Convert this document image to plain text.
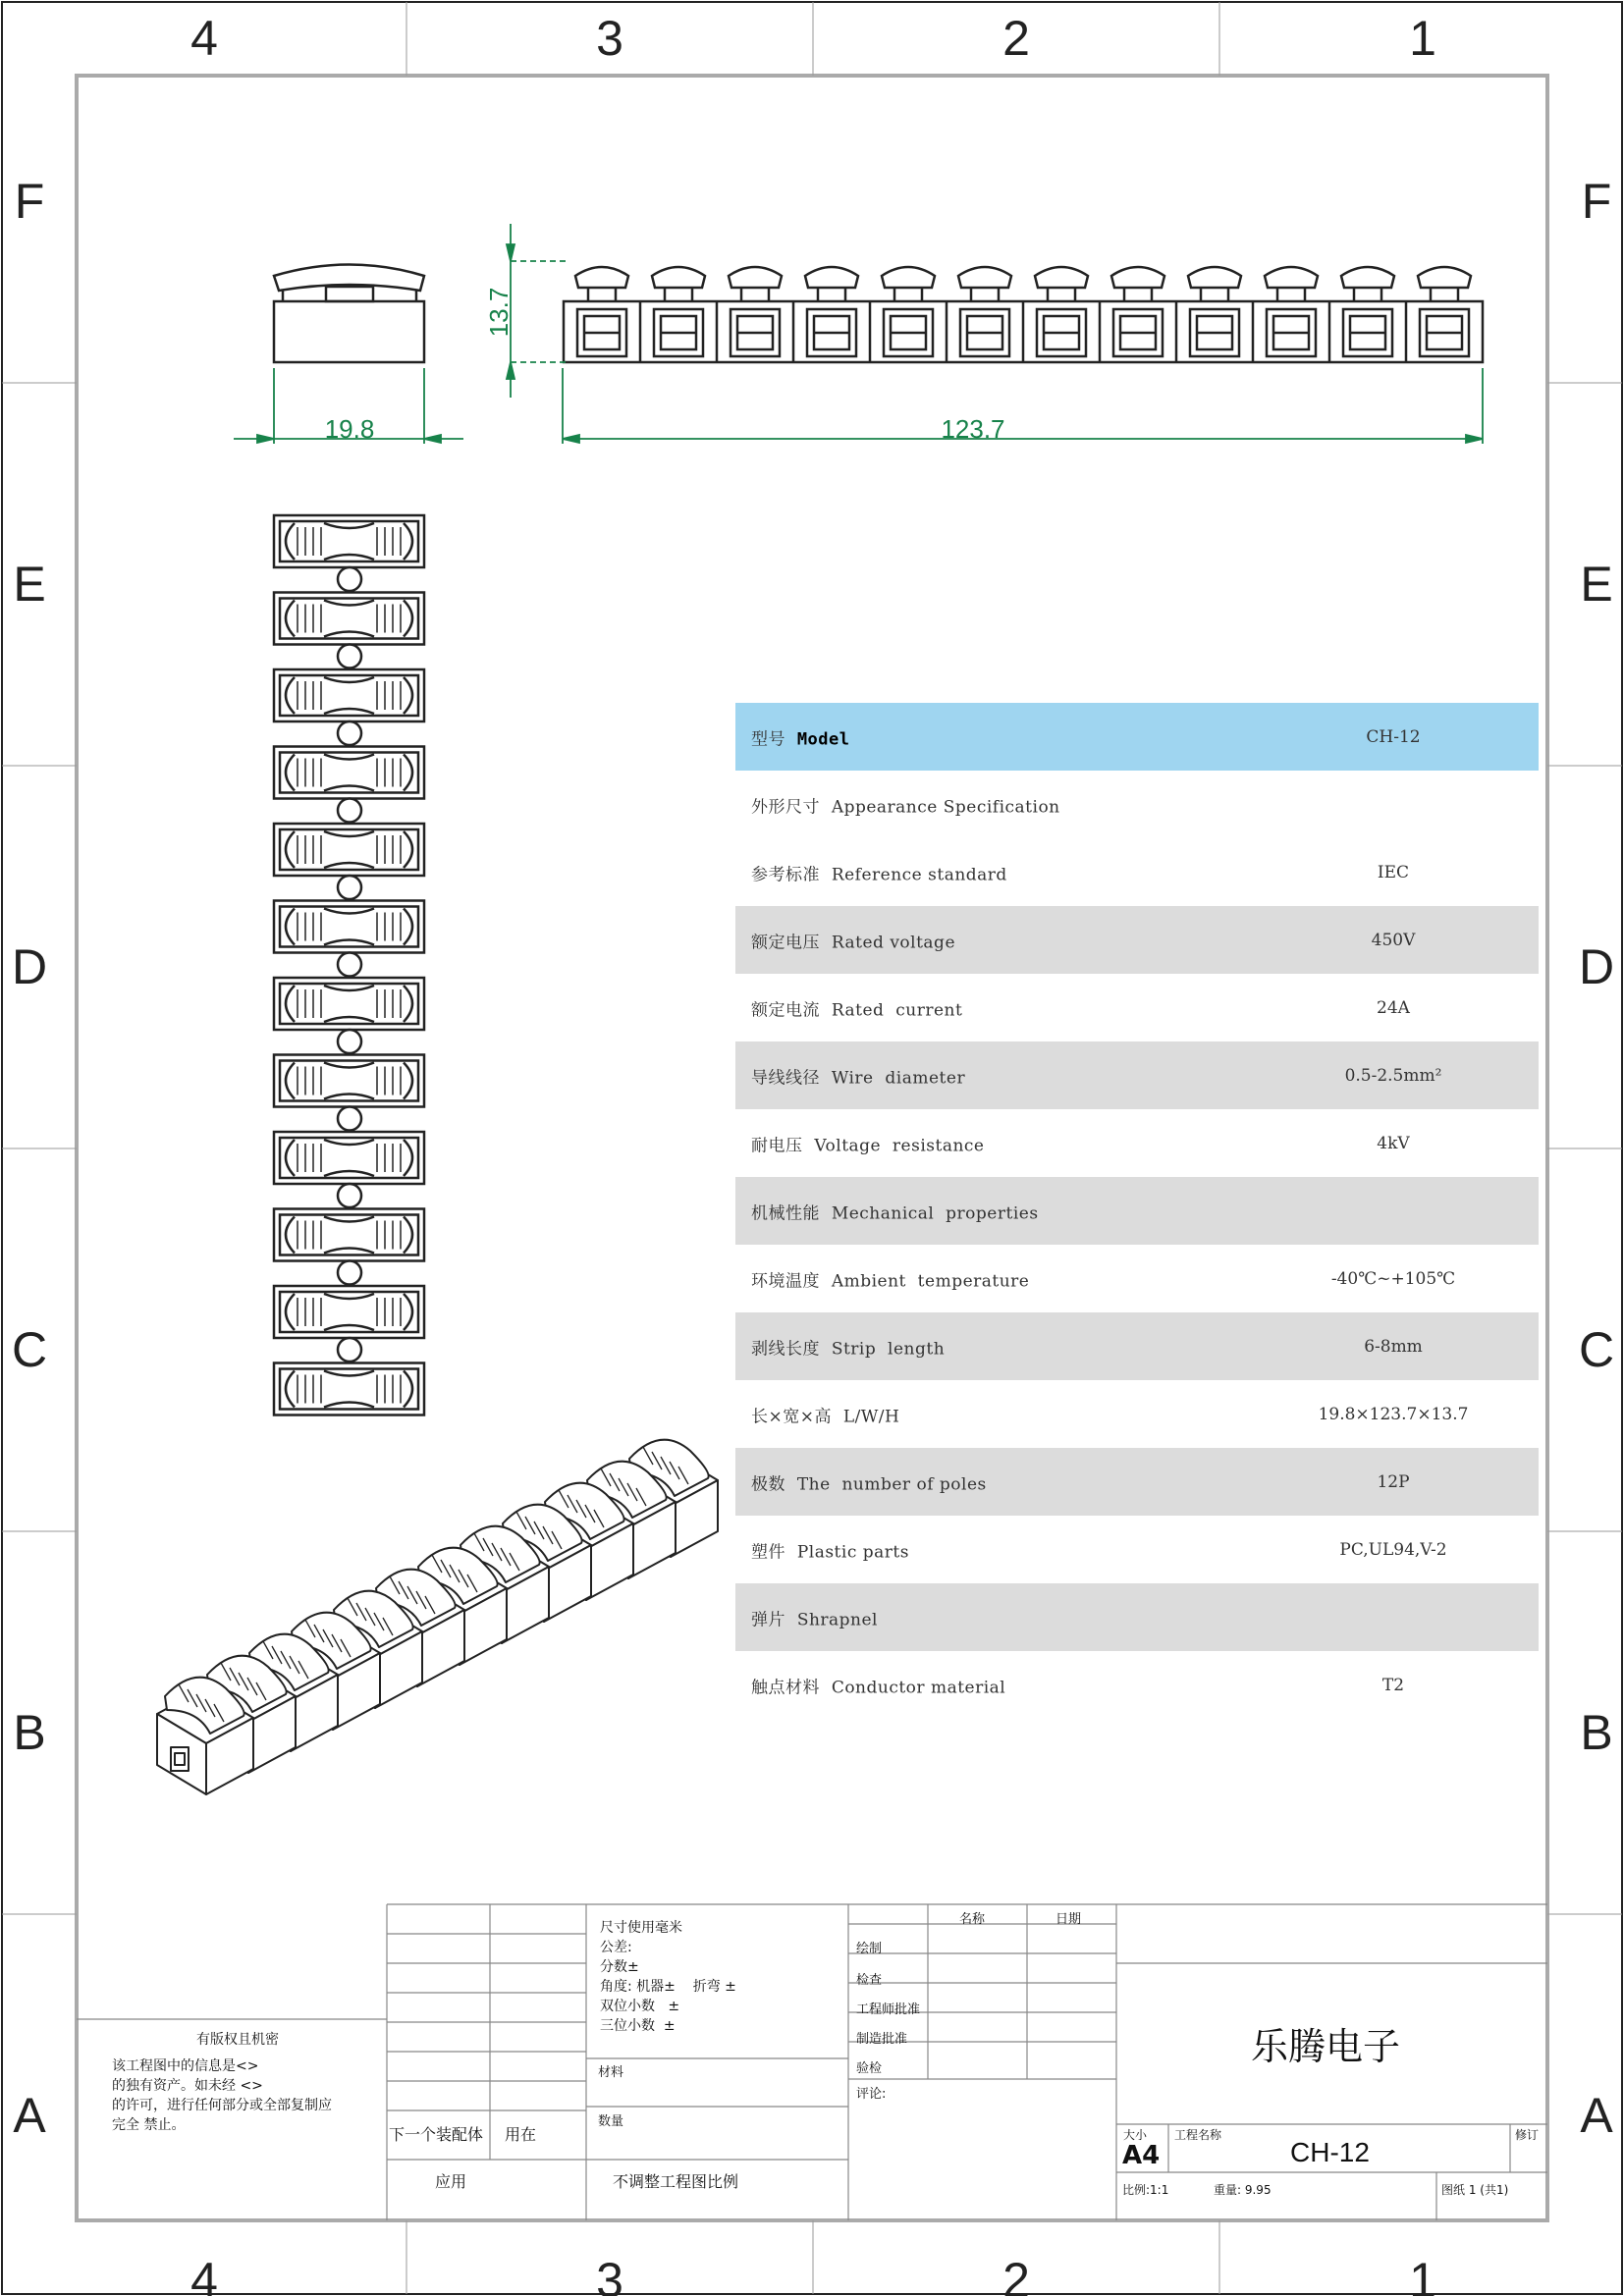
4
4
3
3
2
2
1
1
F	F
E	E
D	D
C	C
B	B
A	A
19.8	123.7
13.7
型号 Model	CH-12
外形尺寸 Appearance Specification
参考标准 Reference standard	IEC
额定电压 Rated voltage	450V
额定电流 Rated  current	24A
导线线径 Wire  diameter	0.5-2.5mm²
耐电压 Voltage  resistance	4kV
机械性能 Mechanical  properties
环境温度 Ambient  temperature	-40℃~+105℃
剥线长度 Strip  length	6-8mm
长×宽×高 L/W/H	19.8×123.7×13.7
极数 The  number of poles	12P
塑件 Plastic parts	PC,UL94,V-2
弹片 Shrapnel
触点材料 Conductor material	T2
有版权且机密
该工程图中的信息是<>
的独有资产。如未经 <>
的许可，进行任何部分或全部复制应
完全 禁止。	下一个装配体 用在
应用
尺寸使用毫米
公差:
分数±
角度: 机器±    折弯 ±
双位小数   ±
三位小数  ±
材料
数量
不调整工程图比例
名称	日期
绘制
检查
工程师批准
制造批准
验检
评论:
乐腾电子
大小
A4
工程名称
CH-12
修订
比例:1:1	重量: 9.95	图纸 1 (共1)
